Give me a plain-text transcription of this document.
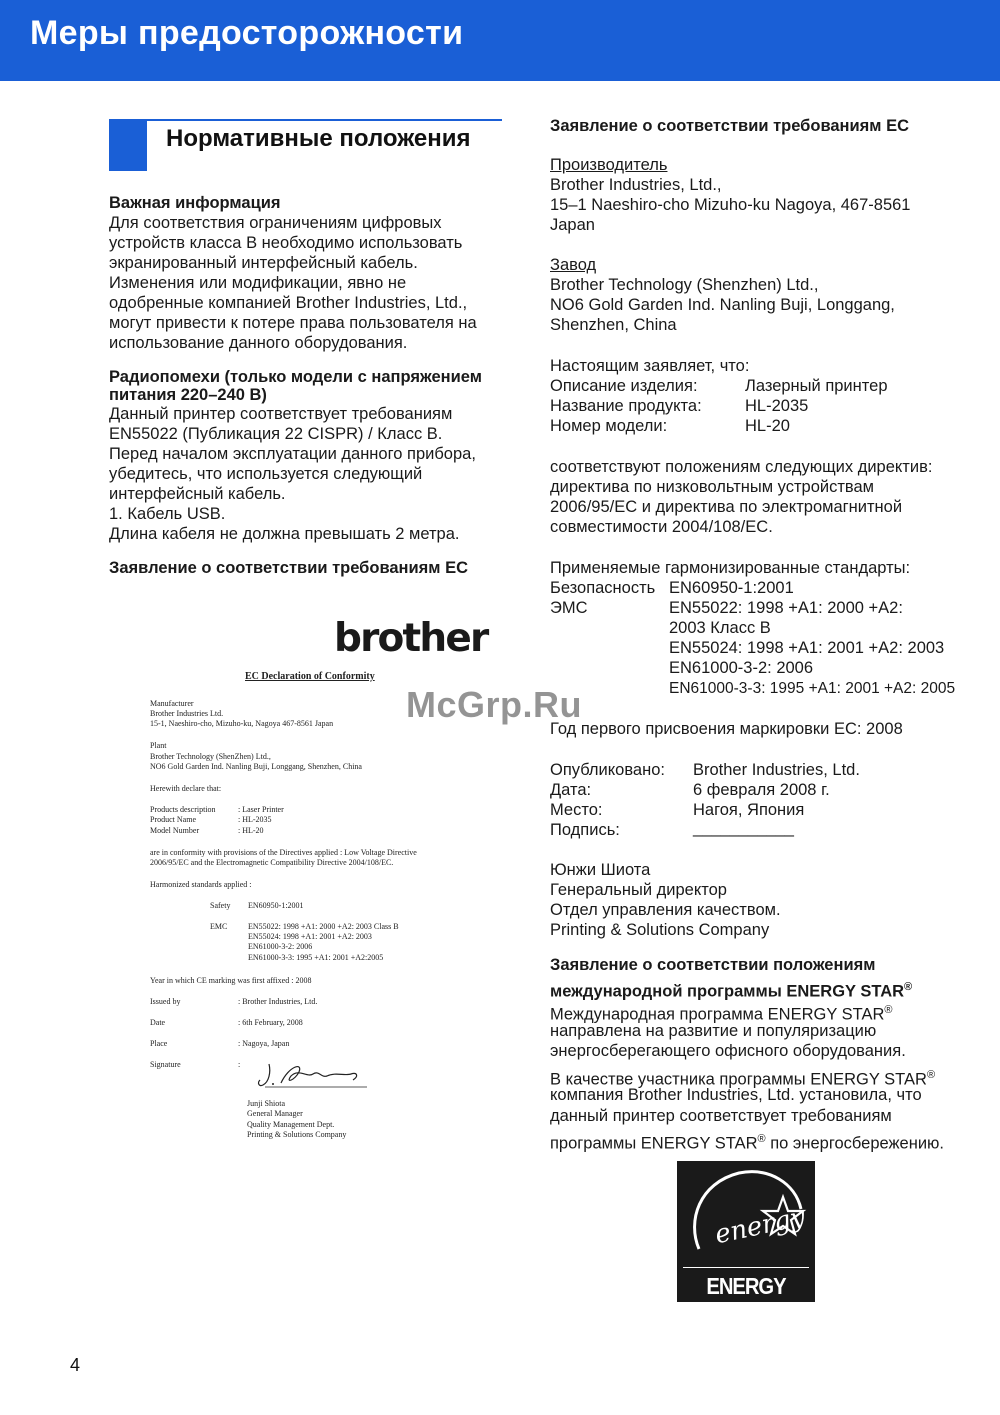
Меры предосторожности
Нормативные положения
Важная информация
Для соответствия ограничениям цифровых
устройств класса B необходимо использовать
экранированный интерфейсный кабель.
Изменения или модификации, явно не
одобренные компанией Brother Industries, Ltd.,
могут привести к потере права пользователя на
использование данного оборудования.
Радиопомехи (только модели с напряжением
питания 220–240 В)
Данный принтер соответствует требованиям
EN55022 (Публикация 22 CISPR) / Класс B.
Перед началом эксплуатации данного прибора,
убедитесь, что используется следующий
интерфейсный кабель.
1. Кабель USB.
Длина кабеля не должна превышать 2 метра.
Заявление о соответствии требованиям ЕС
brother
EC Declaration of Conformity
Manufacturer
Brother Industries Ltd.
15-1, Naeshiro-cho, Mizuho-ku, Nagoya 467-8561 Japan
Plant
Brother Technology (ShenZhen) Ltd.,
NO6 Gold Garden Ind. Nanling Buji, Longgang, Shenzhen, China
Herewith declare that:
Products description	: Laser Printer
Product Name	: HL-2035
Model Number	: HL-20
are in conformity with provisions of the Directives applied : Low Voltage Directive
2006/95/EC and the Electromagnetic Compatibility Directive 2004/108/EC.
Harmonized standards applied :
Safety EN60950-1:2001
EMC	EN55022: 1998 +A1: 2000 +A2: 2003 Class B
EN55024: 1998 +A1: 2001 +A2: 2003
EN61000-3-2: 2006
EN61000-3-3: 1995 +A1: 2001 +A2:2005
Year in which CE marking was first affixed : 2008
Issued by	: Brother Industries, Ltd.
Date	: 6th February, 2008
Place	: Nagoya, Japan
Signature	:
Junji Shiota
General Manager
Quality Management Dept.
Printing & Solutions Company
Заявление о соответствии требованиям ЕС
Производитель
Brother Industries, Ltd.,
15–1 Naeshiro-cho Mizuho-ku Nagoya, 467-8561
Japan
Завод
Brother Technology (Shenzhen) Ltd.,
NO6 Gold Garden Ind. Nanling Buji, Longgang,
Shenzhen, China
Настоящим заявляет, что:
Описание изделия:	Лазерный принтер
Название продукта:	HL-2035
Номер модели:	HL-20
соответствуют положениям следующих директив:
директива по низковольтным устройствам
2006/95/EC и директива по электромагнитной
совместимости 2004/108/EC.
Применяемые гармонизированные стандарты:
Безопасность EN60950-1:2001
ЭМС	EN55022: 1998 +A1: 2000 +A2:
2003 Класс B
EN55024: 1998 +A1: 2001 +A2: 2003
EN61000-3-2: 2006
EN61000-3-3: 1995 +A1: 2001 +A2: 2005
Год первого присвоения маркировки ЕС: 2008
Опубликовано: Brother Industries, Ltd.
Дата:	6 февраля 2008 г.
Место:	Нагоя, Япония
Подпись:	___________
Юнжи Шиота
Генеральный директор
Отдел управления качеством.
Printing & Solutions Company
Заявление о соответствии положениям
международной программы ENERGY STAR®
Международная программа ENERGY STAR®
направлена на развитие и популяризацию
энергосберегающего офисного оборудования.
В качестве участника программы ENERGY STAR®
компания Brother Industries, Ltd. установила, что
данный принтер соответствует требованиям
программы ENERGY STAR® по энергосбережению.
energy
ENERGY STAR
McGrp.Ru
4
